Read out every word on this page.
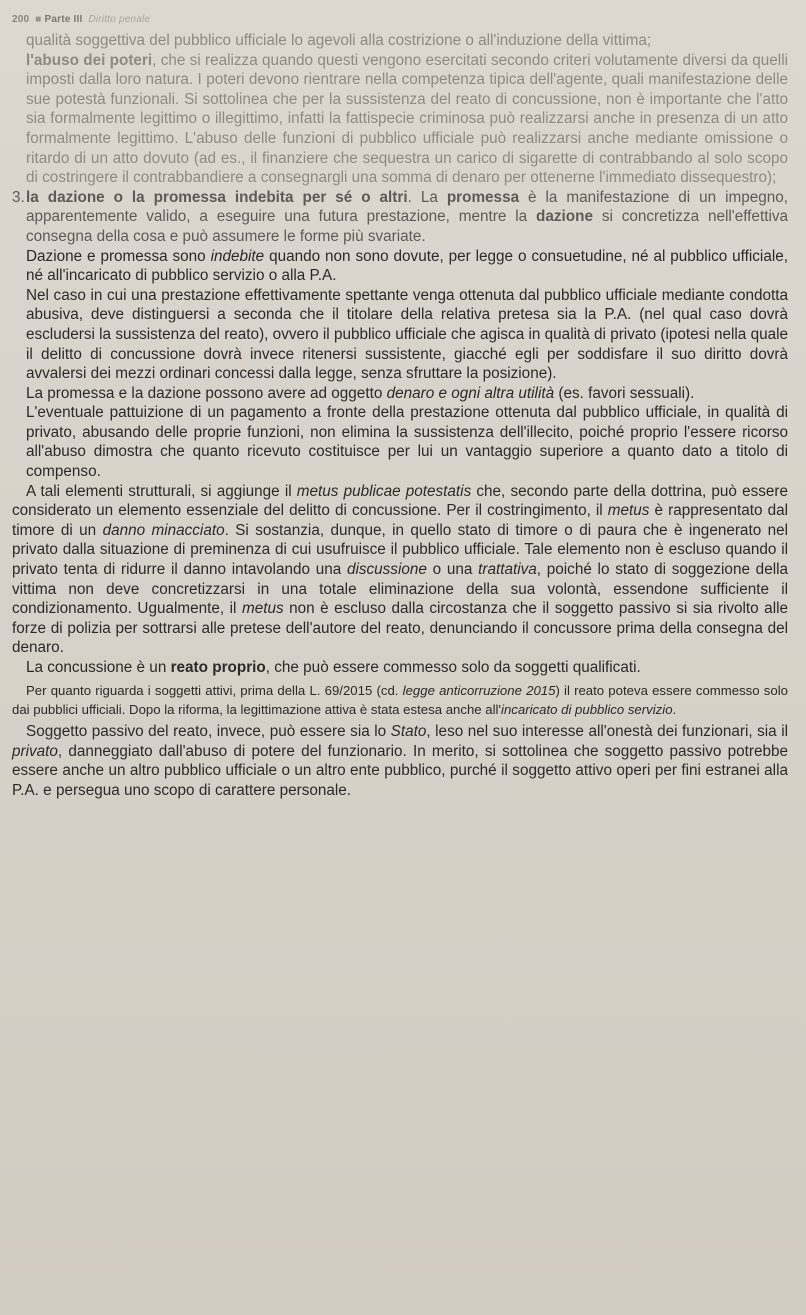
200 ■ Parte III Diritto penale

qualità soggettiva del pubblico ufficiale lo agevoli alla costrizione o all'induzione della vittima;

l'abuso dei poteri, che si realizza quando questi vengono esercitati secondo criteri volutamente diversi da quelli imposti dalla loro natura. I poteri devono rientrare nella competenza tipica dell'agente, quali manifestazione delle sue potestà funzionali. Si sottolinea che per la sussistenza del reato di concussione, non è importante che l'atto sia formalmente legittimo o illegittimo, infatti la fattispecie criminosa può realizzarsi anche in presenza di un atto formalmente legittimo. L'abuso delle funzioni di pubblico ufficiale può realizzarsi anche mediante omissione o ritardo di un atto dovuto (ad es., il finanziere che sequestra un carico di sigarette di contrabbando al solo scopo di costringere il contrabbandiere a consegnargli una somma di denaro per ottenerne l'immediato dissequestro);

3.la dazione o la promessa indebita per sé o altri. La promessa è la manifestazione di un impegno, apparentemente valido, a eseguire una futura prestazione, mentre la dazione si concretizza nell'effettiva consegna della cosa e può assumere le forme più svariate.

Dazione e promessa sono indebite quando non sono dovute, per legge o consuetudine, né al pubblico ufficiale, né all'incaricato di pubblico servizio o alla P.A.

Nel caso in cui una prestazione effettivamente spettante venga ottenuta dal pubblico ufficiale mediante condotta abusiva, deve distinguersi a seconda che il titolare della relativa pretesa sia la P.A. (nel qual caso dovrà escludersi la sussistenza del reato), ovvero il pubblico ufficiale che agisca in qualità di privato (ipotesi nella quale il delitto di concussione dovrà invece ritenersi sussistente, giacché egli per soddisfare il suo diritto dovrà avvalersi dei mezzi ordinari concessi dalla legge, senza sfruttare la posizione).

La promessa e la dazione possono avere ad oggetto denaro e ogni altra utilità (es. favori sessuali).

L'eventuale pattuizione di un pagamento a fronte della prestazione ottenuta dal pubblico ufficiale, in qualità di privato, abusando delle proprie funzioni, non elimina la sussistenza dell'illecito, poiché proprio l'essere ricorso all'abuso dimostra che quanto ricevuto costituisce per lui un vantaggio superiore a quanto dato a titolo di compenso.

A tali elementi strutturali, si aggiunge il metus publicae potestatis che, secondo parte della dottrina, può essere considerato un elemento essenziale del delitto di concussione. Per il costringimento, il metus è rappresentato dal timore di un danno minacciato. Si sostanzia, dunque, in quello stato di timore o di paura che è ingenerato nel privato dalla situazione di preminenza di cui usufruisce il pubblico ufficiale. Tale elemento non è escluso quando il privato tenta di ridurre il danno intavolando una discussione o una trattativa, poiché lo stato di soggezione della vittima non deve concretizzarsi in una totale eliminazione della sua volontà, essendone sufficiente il condizionamento. Ugualmente, il metus non è escluso dalla circostanza che il soggetto passivo si sia rivolto alle forze di polizia per sottrarsi alle pretese dell'autore del reato, denunciando il concussore prima della consegna del denaro.

La concussione è un reato proprio, che può essere commesso solo da soggetti qualificati.

Per quanto riguarda i soggetti attivi, prima della L. 69/2015 (cd. legge anticorruzione 2015) il reato poteva essere commesso solo dai pubblici ufficiali. Dopo la riforma, la legittimazione attiva è stata estesa anche all'incaricato di pubblico servizio.

Soggetto passivo del reato, invece, può essere sia lo Stato, leso nel suo interesse all'onestà dei funzionari, sia il privato, danneggiato dall'abuso di potere del funzionario. In merito, si sottolinea che soggetto passivo potrebbe essere anche un altro pubblico ufficiale o un altro ente pubblico, purché il soggetto attivo operi per fini estranei alla P.A. e persegua uno scopo di carattere personale.
